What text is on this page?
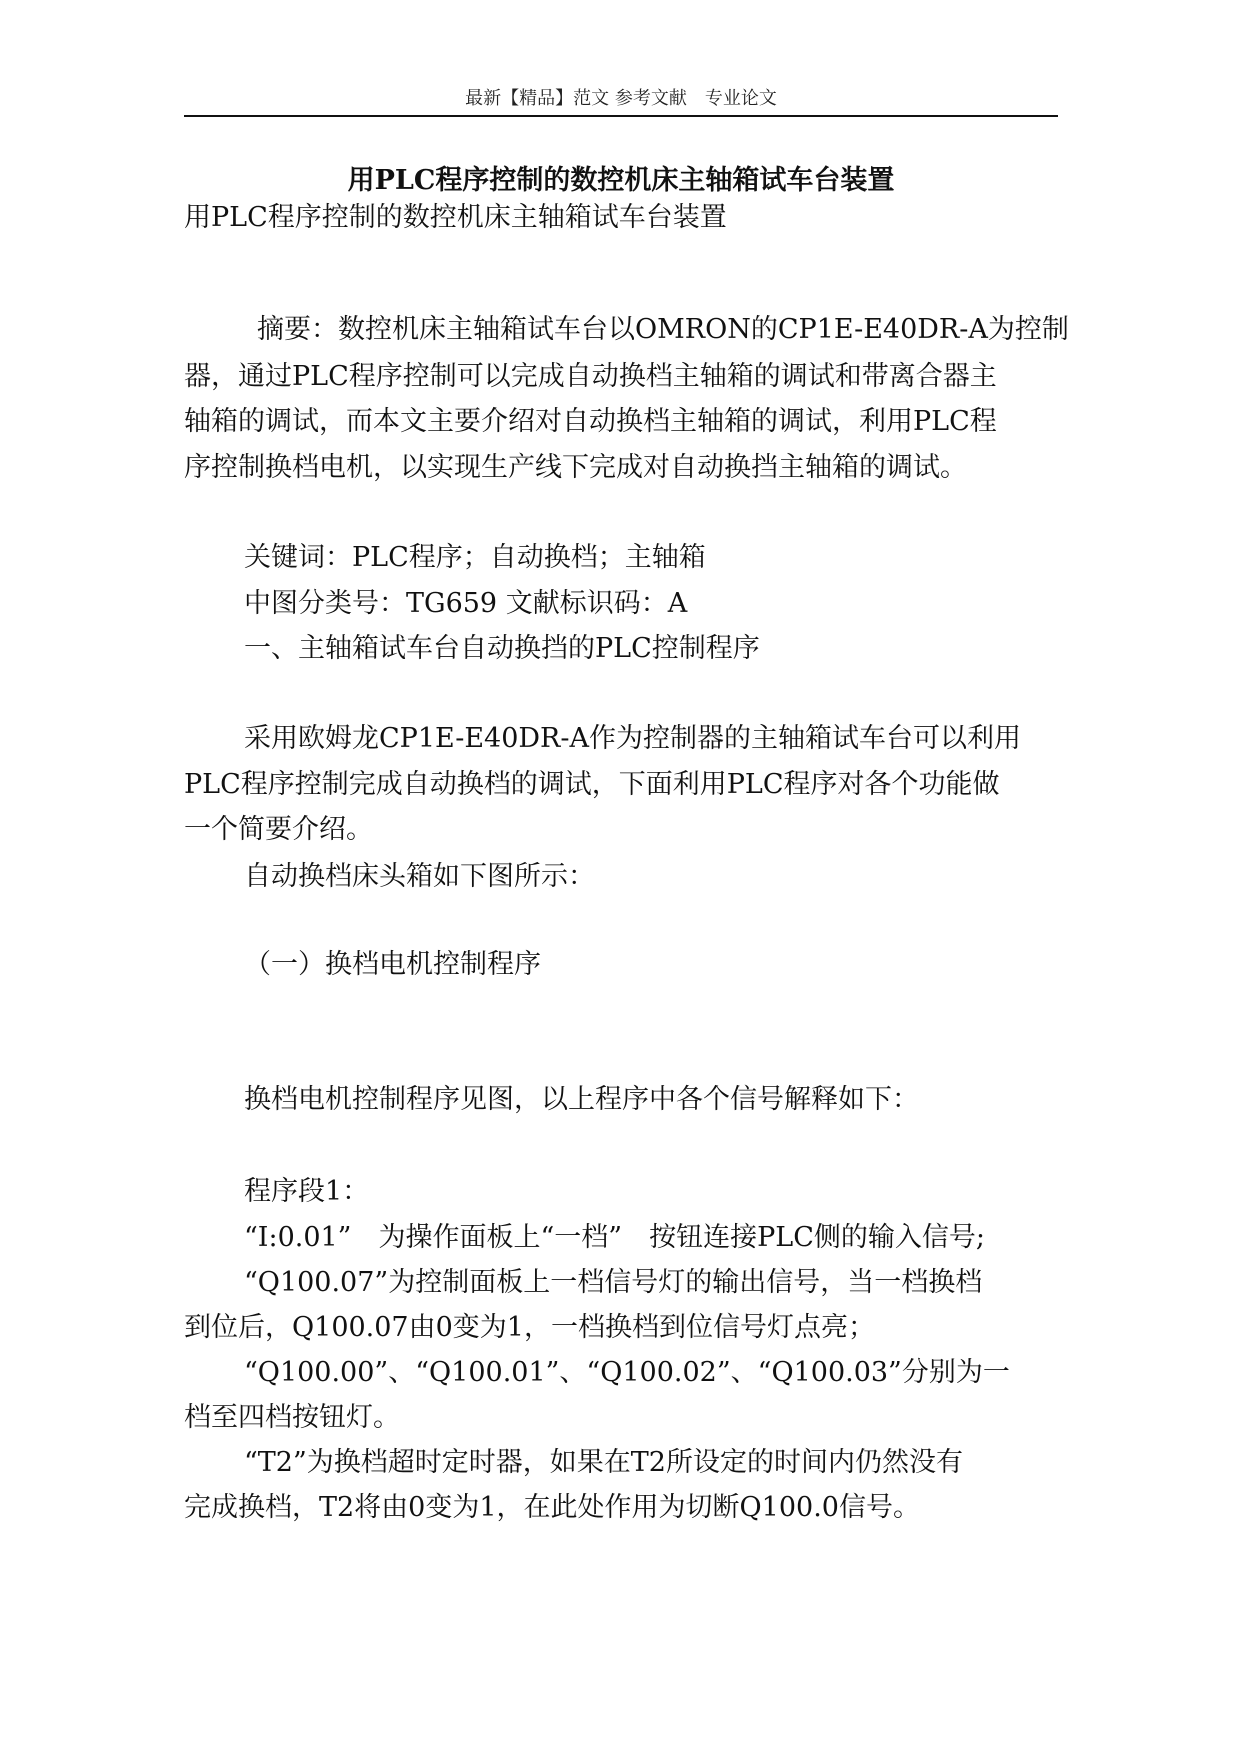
最新【精品】范文 参考文献　专业论文
用PLC程序控制的数控机床主轴箱试车台装置
用PLC程序控制的数控机床主轴箱试车台装置
摘要：数控机床主轴箱试车台以OMRON的CP1E-E40DR-A为控制
器，通过PLC程序控制可以完成自动换档主轴箱的调试和带离合器主
轴箱的调试，而本文主要介绍对自动换档主轴箱的调试，利用PLC程
序控制换档电机，以实现生产线下完成对自动换挡主轴箱的调试。
关键词：PLC程序；自动换档；主轴箱
中图分类号：TG659 文献标识码：A
一、主轴箱试车台自动换挡的PLC控制程序
采用欧姆龙CP1E-E40DR-A作为控制器的主轴箱试车台可以利用
PLC程序控制完成自动换档的调试，下面利用PLC程序对各个功能做
一个简要介绍。
自动换档床头箱如下图所示：
（一）换档电机控制程序
换档电机控制程序见图，以上程序中各个信号解释如下：
程序段1：
“I:0.01”　为操作面板上“一档”　按钮连接PLC侧的输入信号;
“Q100.07”为控制面板上一档信号灯的输出信号，当一档换档
到位后，Q100.07由0变为1，一档换档到位信号灯点亮；
“Q100.00”、“Q100.01”、“Q100.02”、“Q100.03”分别为一
档至四档按钮灯。
“T2”为换档超时定时器，如果在T2所设定的时间内仍然没有
完成换档，T2将由0变为1，在此处作用为切断Q100.0信号。
